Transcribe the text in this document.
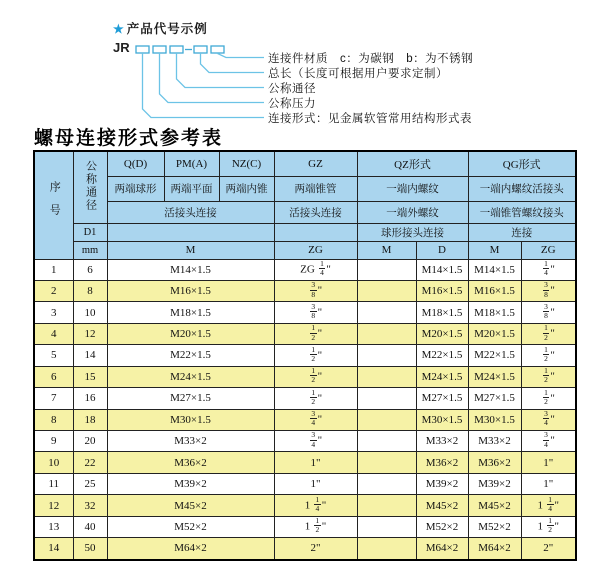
★ 产品代号示例
JR
连接件材质　c：为碳钢　b：为不锈钢
总长（长度可根据用户要求定制）
公称通径
公称压力
连接形式：见金属软管常用结构形式表
螺母连接形式参考表
序号	公称通径	Q(D)	PM(A)	NZ(C)	GZ	QZ形式		QG形式	
		两端球形	两端平面	两端内锥	两端锥管	一端内螺纹		一端内螺纹活接头	
		活接头连接			活接头连接	一端外螺纹		一端锥管螺纹接头	
	D1					球形接头连接		连接	
	mm	M			ZG	M	D	M	ZG
1	6	M14×1.5			ZG $\frac{1}{4}$ "		M14×1.5	M14×1.5	$\frac{1}{4}$ "
2	8	M16×1.5			$\frac{3}{8}$ "		M16×1.5	M16×1.5	$\frac{3}{8}$ "
3	10	M18×1.5			$\frac{3}{8}$ "		M18×1.5	M18×1.5	$\frac{3}{8}$ "
4	12	M20×1.5			$\frac{1}{2}$ "		M20×1.5	M20×1.5	$\frac{1}{2}$ "
5	14	M22×1.5			$\frac{1}{2}$ "		M22×1.5	M22×1.5	$\frac{1}{2}$ "
6	15	M24×1.5			$\frac{1}{2}$ "		M24×1.5	M24×1.5	$\frac{1}{2}$ "
7	16	M27×1.5			$\frac{1}{2}$ "		M27×1.5	M27×1.5	$\frac{1}{2}$ "
8	18	M30×1.5			$\frac{3}{4}$ "		M30×1.5	M30×1.5	$\frac{3}{4}$ "
9	20	M33×2			$\frac{3}{4}$ "		M33×2	M33×2	$\frac{3}{4}$ "
10	22	M36×2			1"		M36×2	M36×2	1"
11	25	M39×2			1"		M39×2	M39×2	1"
12	32	M45×2			$1 \frac{1}{4}$ "		M45×2	M45×2	$1 \frac{1}{4}$ "
13	40	M52×2			$1 \frac{1}{2}$ "		M52×2	M52×2	$1 \frac{1}{2}$ "
14	50	M64×2			2"		M64×2	M64×2	2"
